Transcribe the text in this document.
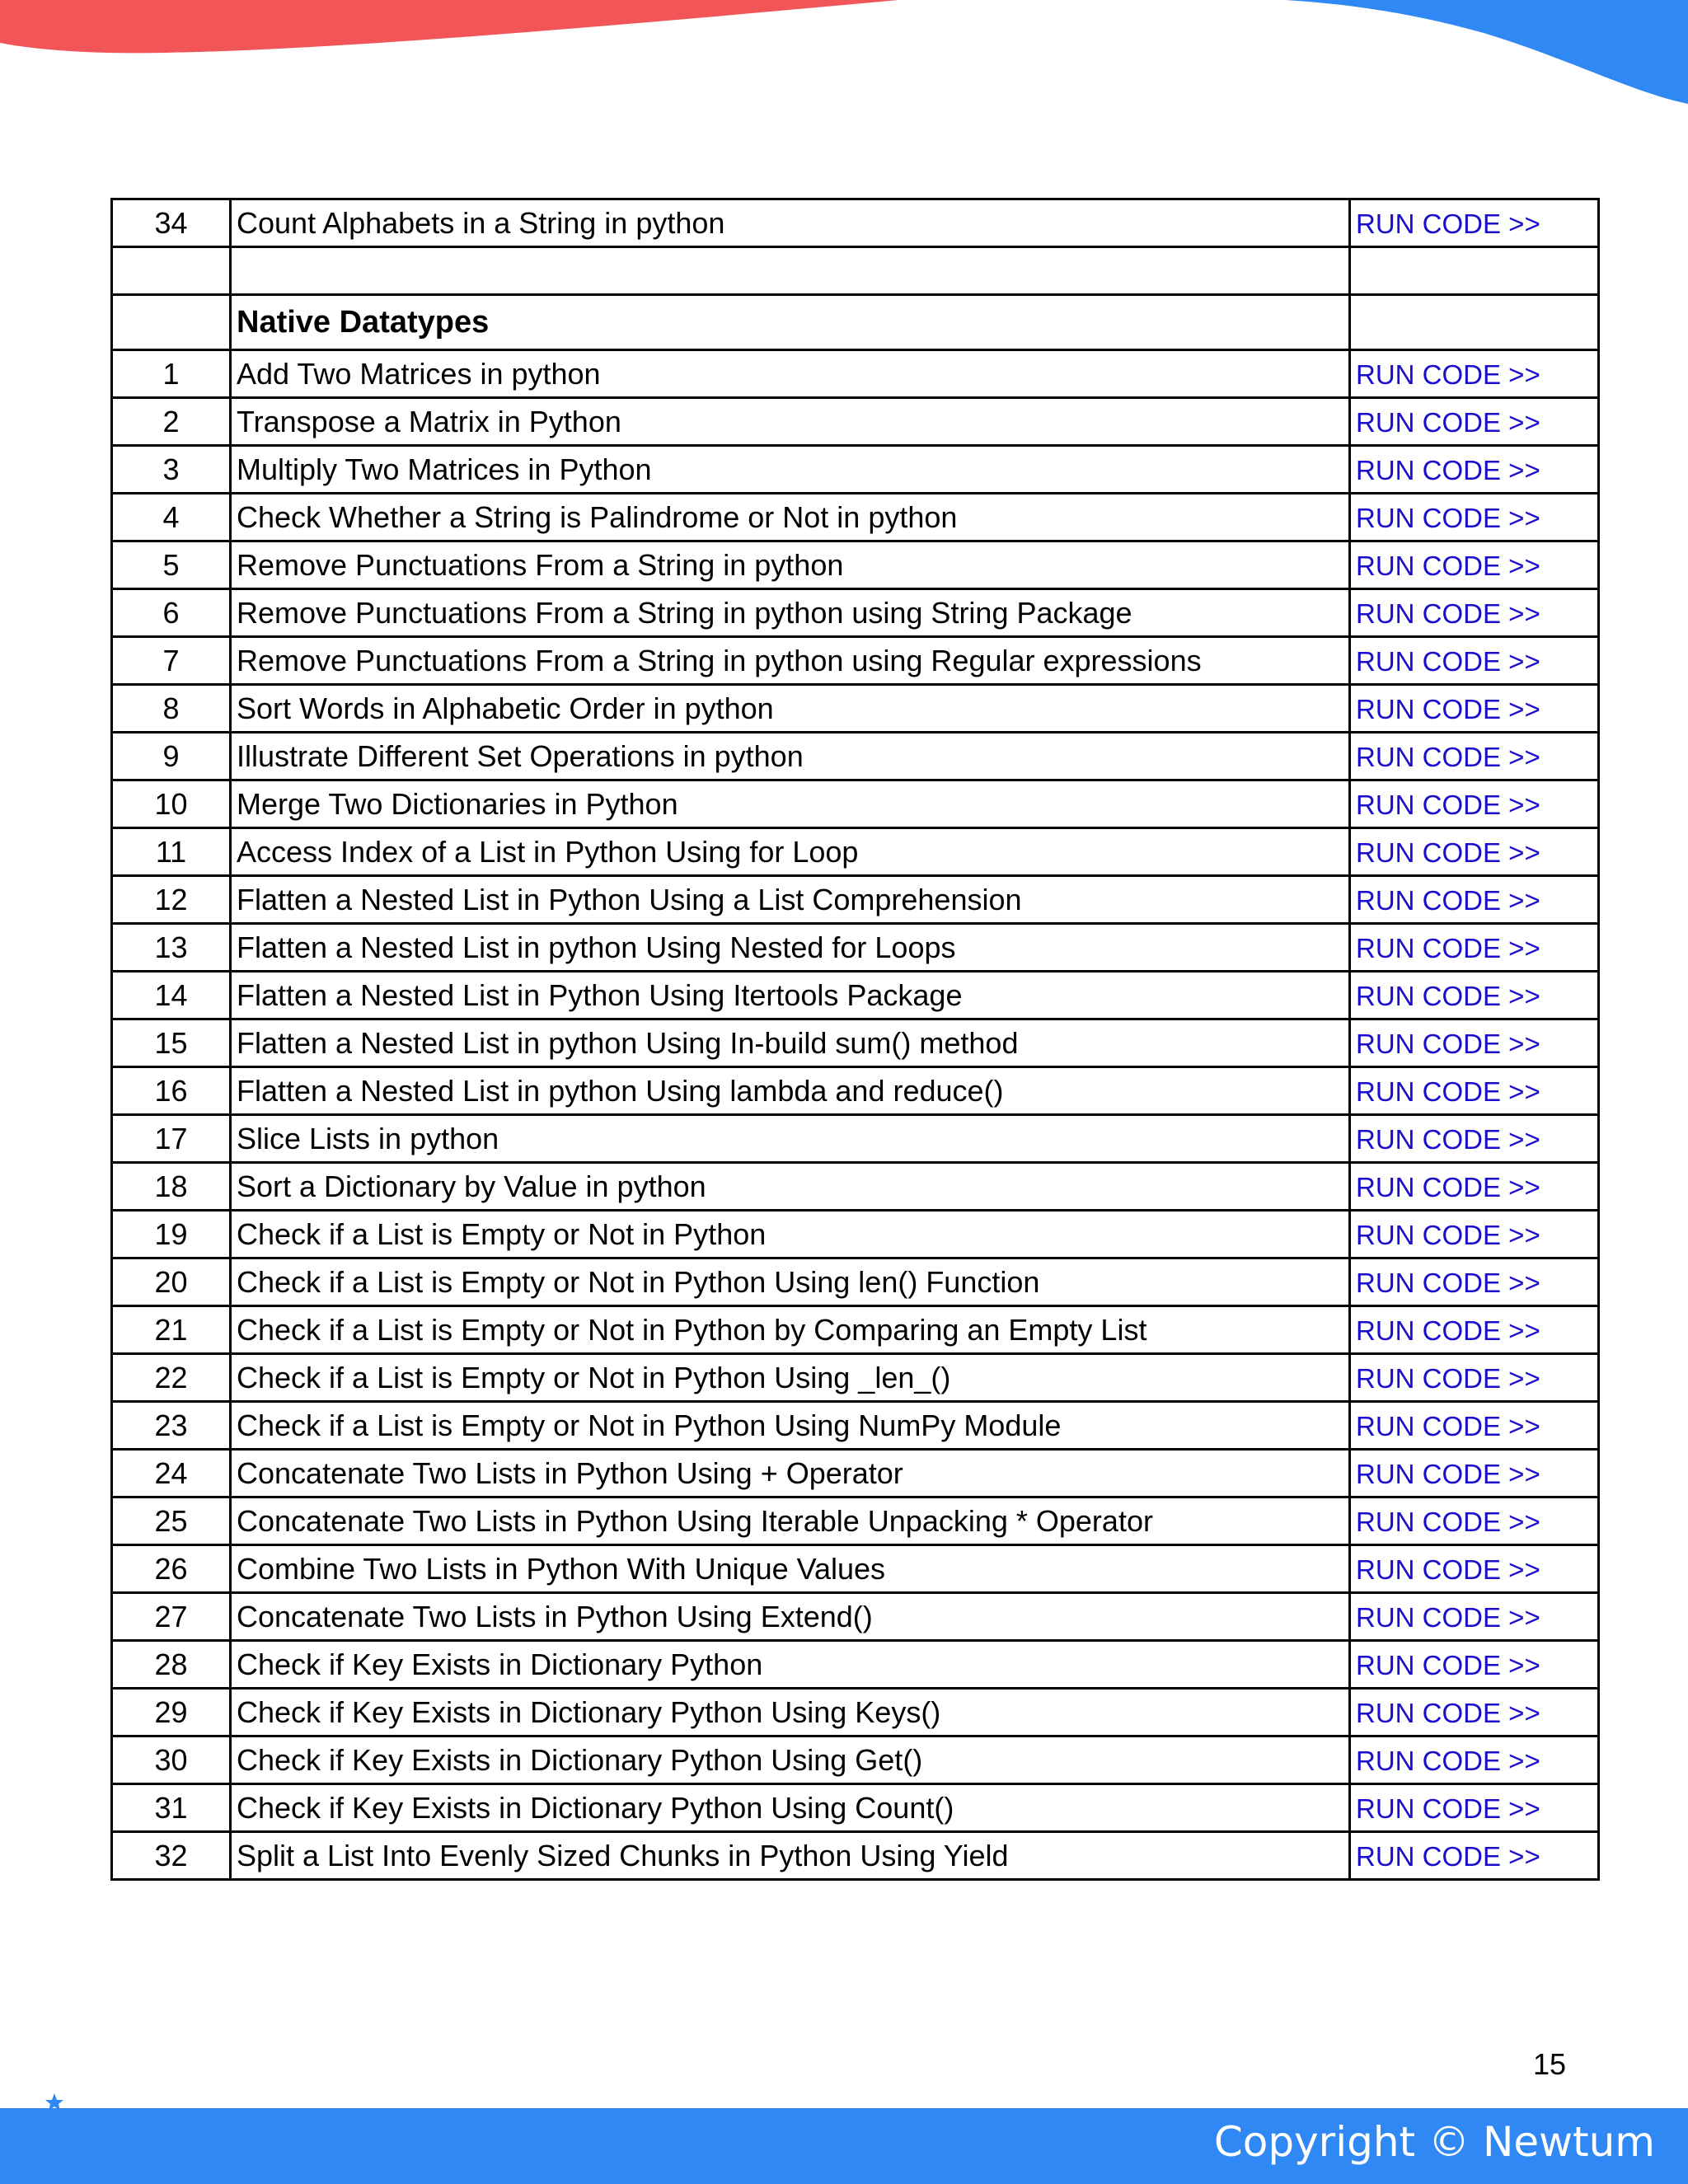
34	Count Alphabets in a String in python	RUN CODE >>

	Native Datatypes	
1	Add Two Matrices in python	RUN CODE >>
2	Transpose a Matrix in Python	RUN CODE >>
3	Multiply Two Matrices in Python	RUN CODE >>
4	Check Whether a String is Palindrome or Not in python	RUN CODE >>
5	Remove Punctuations From a String in python	RUN CODE >>
6	Remove Punctuations From a String in python using String Package	RUN CODE >>
7	Remove Punctuations From a String in python using Regular expressions	RUN CODE >>
8	Sort Words in Alphabetic Order in python	RUN CODE >>
9	Illustrate Different Set Operations in python	RUN CODE >>
10	Merge Two Dictionaries in Python	RUN CODE >>
11	Access Index of a List in Python Using for Loop	RUN CODE >>
12	Flatten a Nested List in Python Using a List Comprehension	RUN CODE >>
13	Flatten a Nested List in python Using Nested for Loops	RUN CODE >>
14	Flatten a Nested List in Python Using Itertools Package	RUN CODE >>
15	Flatten a Nested List in python Using In-build sum() method	RUN CODE >>
16	Flatten a Nested List in python Using lambda and reduce()	RUN CODE >>
17	Slice Lists in python	RUN CODE >>
18	Sort a Dictionary by Value in python	RUN CODE >>
19	Check if a List is Empty or Not in Python	RUN CODE >>
20	Check if a List is Empty or Not in Python Using len() Function	RUN CODE >>
21	Check if a List is Empty or Not in Python by Comparing an Empty List	RUN CODE >>
22	Check if a List is Empty or Not in Python Using _len_()	RUN CODE >>
23	Check if a List is Empty or Not in Python Using NumPy Module	RUN CODE >>
24	Concatenate Two Lists in Python Using + Operator	RUN CODE >>
25	Concatenate Two Lists in Python Using Iterable Unpacking * Operator	RUN CODE >>
26	Combine Two Lists in Python With Unique Values	RUN CODE >>
27	Concatenate Two Lists in Python Using Extend()	RUN CODE >>
28	Check if Key Exists in Dictionary Python	RUN CODE >>
29	Check if Key Exists in Dictionary Python Using Keys()	RUN CODE >>
30	Check if Key Exists in Dictionary Python Using Get()	RUN CODE >>
31	Check if Key Exists in Dictionary Python Using Count()	RUN CODE >>
32	Split a List Into Evenly Sized Chunks in Python Using Yield	RUN CODE >>
15
Copyright © Newtum
